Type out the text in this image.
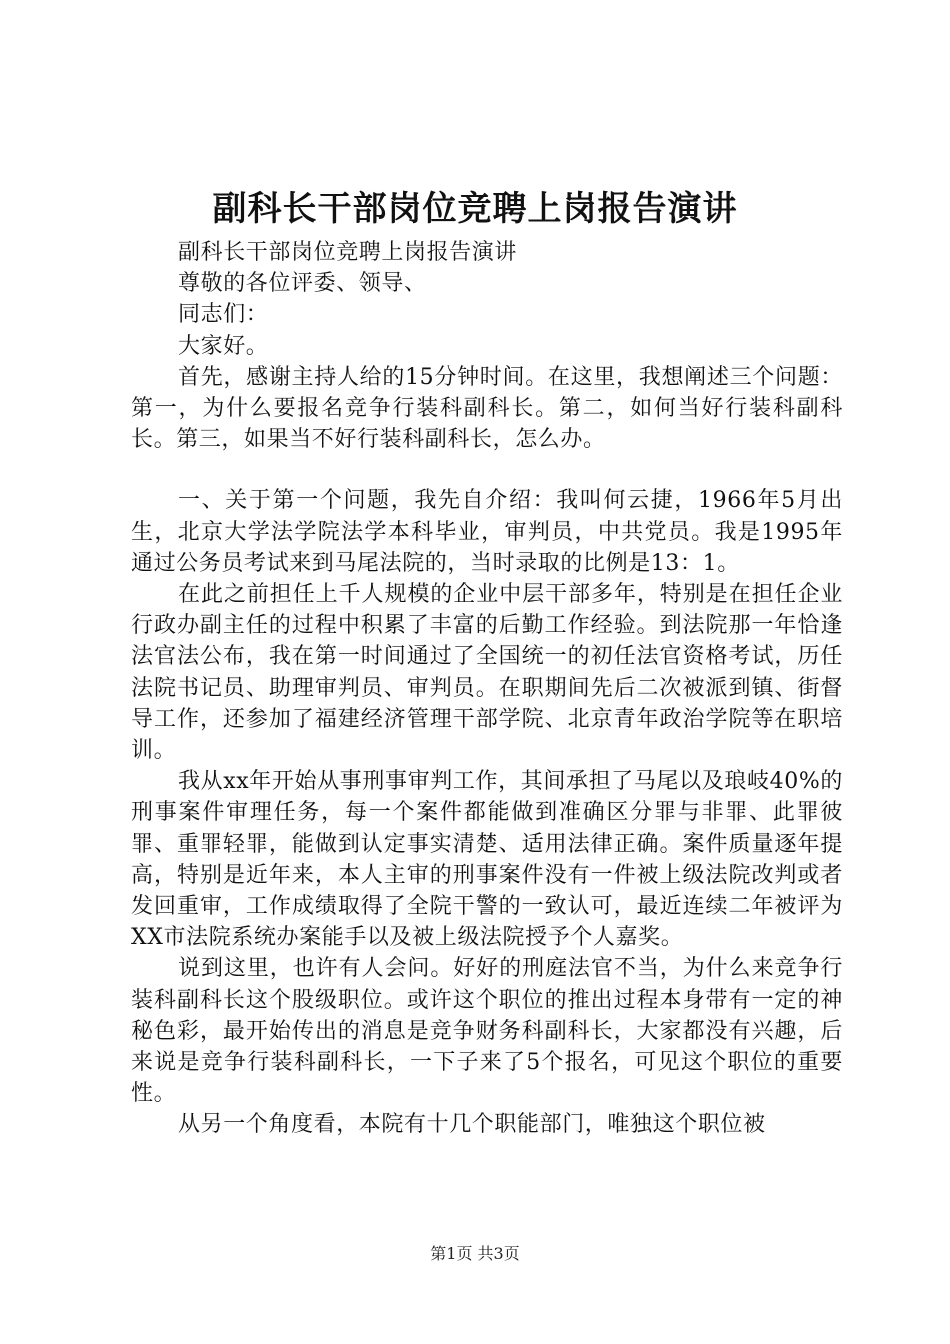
副科长干部岗位竞聘上岗报告演讲

副科长干部岗位竞聘上岗报告演讲

尊敬的各位评委、领导、

同志们：

大家好。

首先，感谢主持人给的15分钟时间。在这里，我想阐述三个问题：第一，为什么要报名竞争行装科副科长。第二，如何当好行装科副科长。第三，如果当不好行装科副科长，怎么办。

一、关于第一个问题，我先自介绍：我叫何云捷，1966年5月出生，北京大学法学院法学本科毕业，审判员，中共党员。我是1995年通过公务员考试来到马尾法院的，当时录取的比例是13：1。

在此之前担任上千人规模的企业中层干部多年，特别是在担任企业行政办副主任的过程中积累了丰富的后勤工作经验。到法院那一年恰逢法官法公布，我在第一时间通过了全国统一的初任法官资格考试，历任法院书记员、助理审判员、审判员。在职期间先后二次被派到镇、街督导工作，还参加了福建经济管理干部学院、北京青年政治学院等在职培训。

我从xx年开始从事刑事审判工作，其间承担了马尾以及琅岐40%的刑事案件审理任务，每一个案件都能做到准确区分罪与非罪、此罪彼罪、重罪轻罪，能做到认定事实清楚、适用法律正确。案件质量逐年提高，特别是近年来，本人主审的刑事案件没有一件被上级法院改判或者发回重审，工作成绩取得了全院干警的一致认可，最近连续二年被评为XX市法院系统办案能手以及被上级法院授予个人嘉奖。

说到这里，也许有人会问。好好的刑庭法官不当，为什么来竞争行装科副科长这个股级职位。或许这个职位的推出过程本身带有一定的神秘色彩，最开始传出的消息是竞争财务科副科长，大家都没有兴趣，后来说是竞争行装科副科长，一下子来了5个报名，可见这个职位的重要性。

从另一个角度看，本院有十几个职能部门，唯独这个职位被

第1页 共3页
